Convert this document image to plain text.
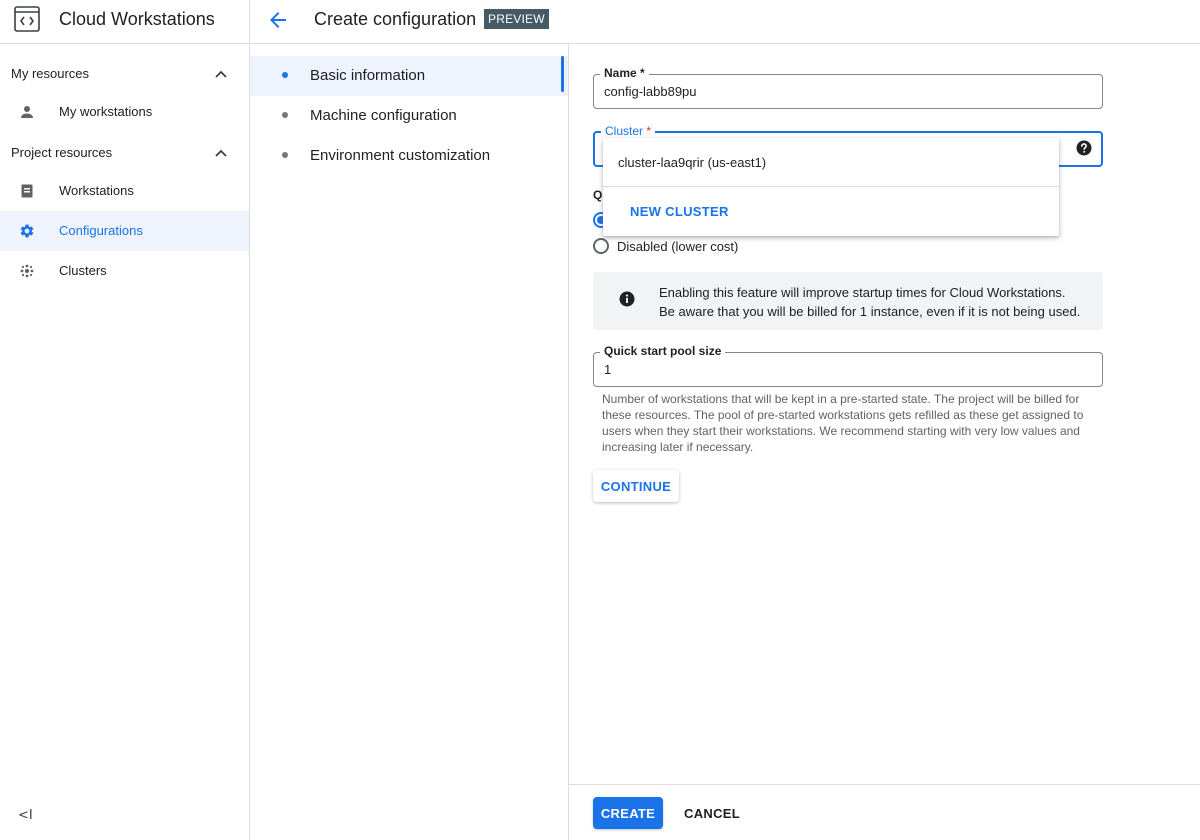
Cloud Workstations	Create configuration PREVIEW
My resources
My workstations
Project resources
Workstations
Configurations
Clusters
<I
Basic information
Machine configuration
Environment customization
Name *
config-labb89pu
Cluster *
Q
Disabled (lower cost)
Enabling this feature will improve startup times for Cloud Workstations.
Be aware that you will be billed for 1 instance, even if it is not being used.
Quick start pool size
1
Number of workstations that will be kept in a pre-started state. The project will be billed for these resources. The pool of pre-started workstations gets refilled as these get assigned to users when they start their workstations. We recommend starting with very low values and increasing later if necessary.
CONTINUE
cluster-laa9qrir (us-east1)
NEW CLUSTER
CREATE	CANCEL
